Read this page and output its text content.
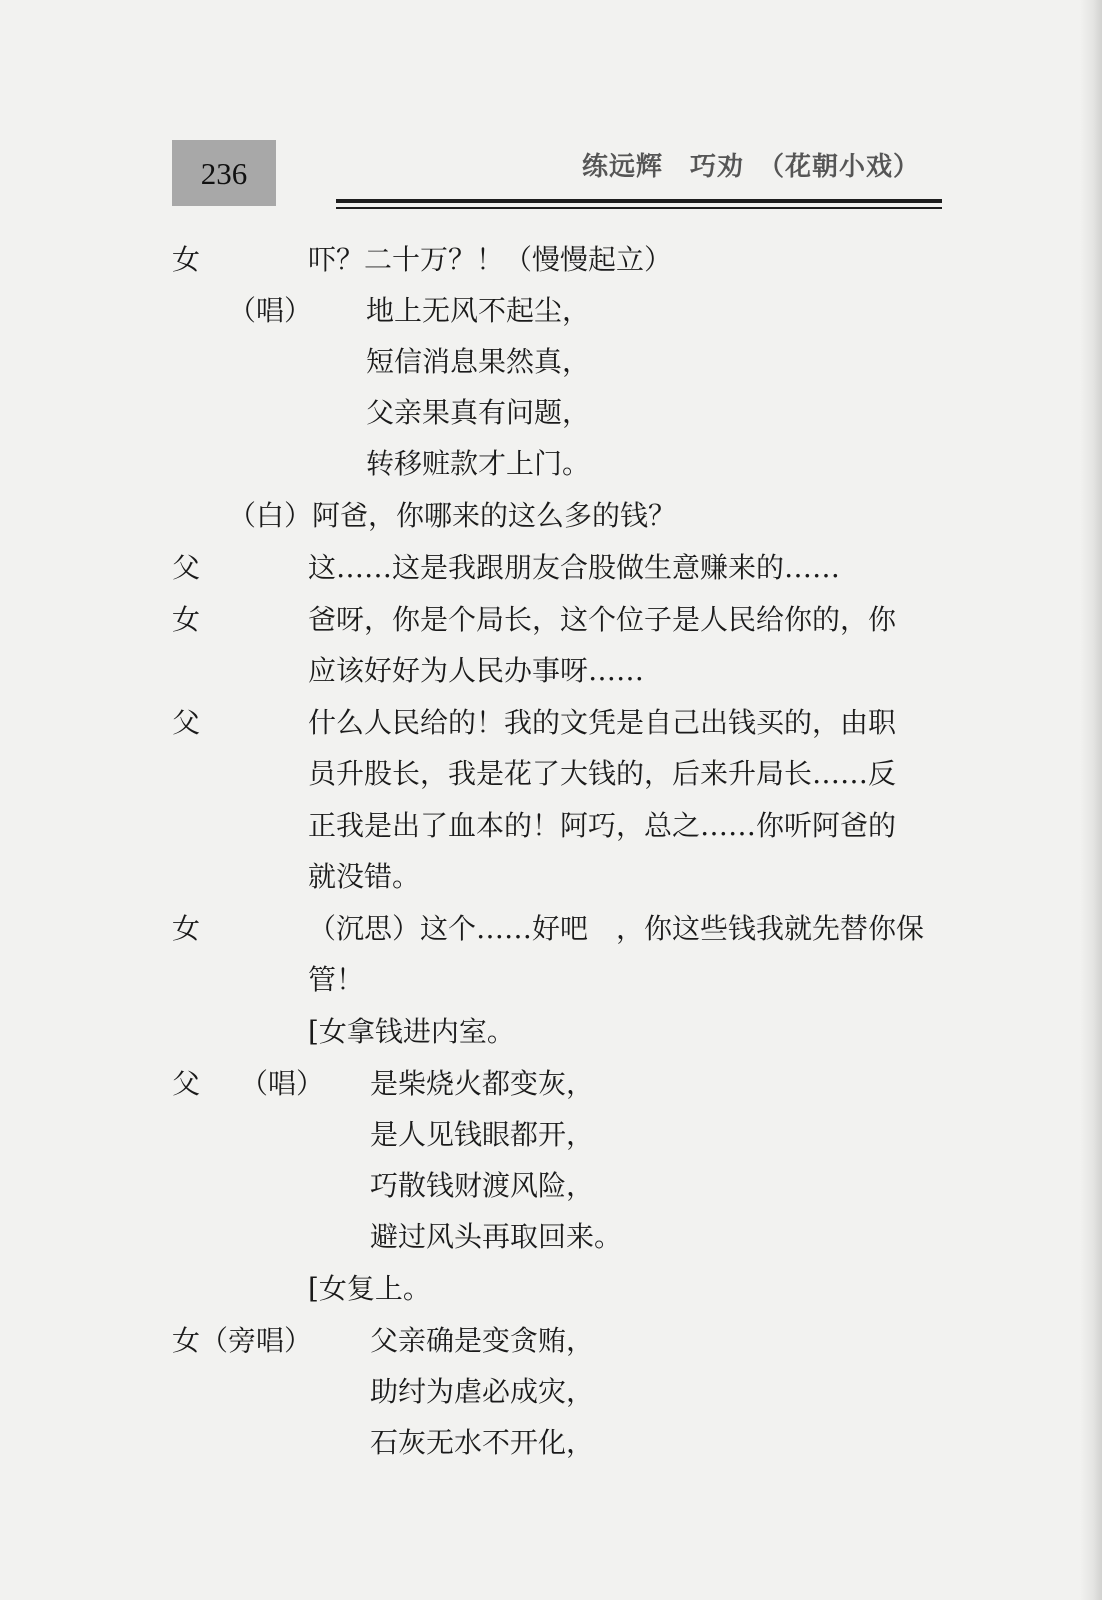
236	练远辉　巧劝　（花朝小戏）
女	吓？二十万？！（慢慢起立）
（唱） 地上无风不起尘，
短信消息果然真，
父亲果真有问题，
转移赃款才上门。
（白）阿爸，你哪来的这么多的钱？
父	这……这是我跟朋友合股做生意赚来的……
女	爸呀，你是个局长，这个位子是人民给你的，你
应该好好为人民办事呀……
父	什么人民给的！我的文凭是自己出钱买的，由职
员升股长，我是花了大钱的，后来升局长……反
正我是出了血本的！阿巧，总之……你听阿爸的
就没错。
女	（沉思）这个……好吧　，你这些钱我就先替你保
管！
[女拿钱进内室。
父 （唱） 是柴烧火都变灰，
是人见钱眼都开，
巧散钱财渡风险，
避过风头再取回来。
[女复上。
女（旁唱） 父亲确是变贪贿，
助纣为虐必成灾，
石灰无水不开化，
